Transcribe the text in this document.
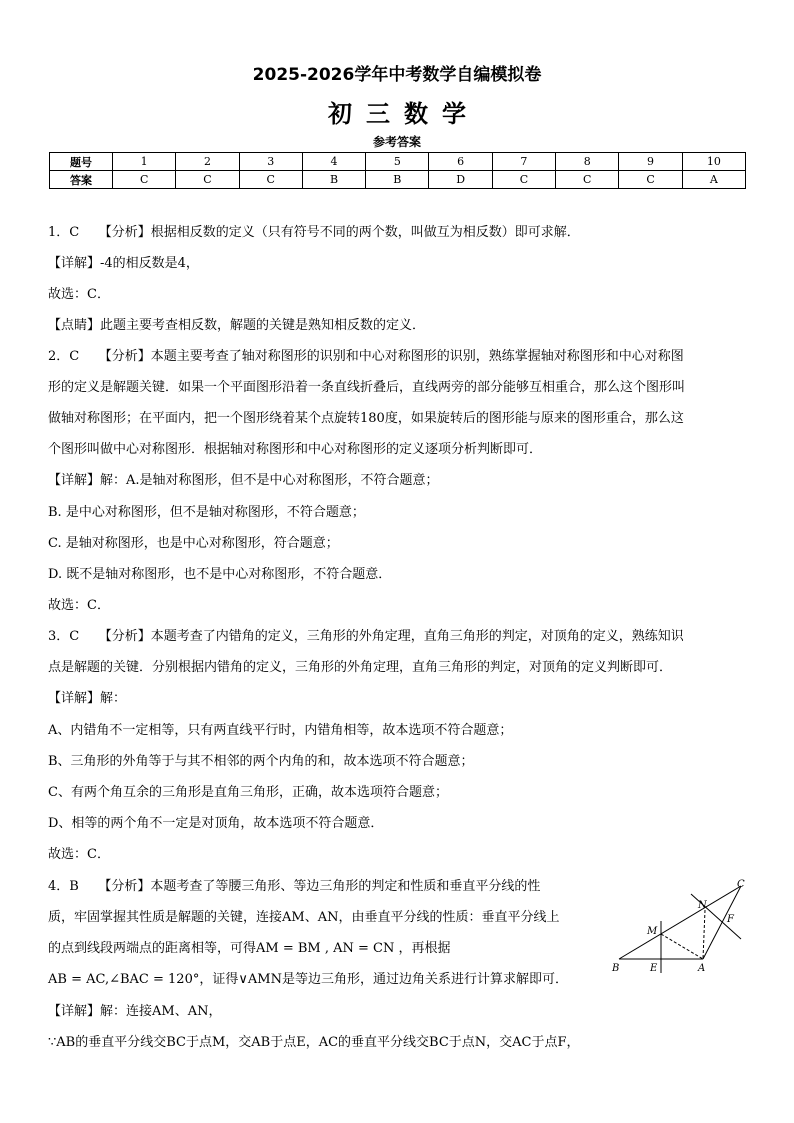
2025-2026学年中考数学自编模拟卷
初三数学
参考答案
题号	1	2	3	4	5	6	7	8	9	10
答案	C	C	C	B	B	D	C	C	C	A
1．C　　【分析】根据相反数的定义（只有符号不同的两个数，叫做互为相反数）即可求解．
【详解】-4的相反数是4，
故选：C．
【点睛】此题主要考查相反数，解题的关键是熟知相反数的定义．
2．C　　【分析】本题主要考查了轴对称图形的识别和中心对称图形的识别，熟练掌握轴对称图形和中心对称图
形的定义是解题关键．如果一个平面图形沿着一条直线折叠后，直线两旁的部分能够互相重合，那么这个图形叫
做轴对称图形；在平面内，把一个图形绕着某个点旋转180度，如果旋转后的图形能与原来的图形重合，那么这
个图形叫做中心对称图形．根据轴对称图形和中心对称图形的定义逐项分析判断即可．
【详解】解：A.是轴对称图形，但不是中心对称图形，不符合题意；
B. 是中心对称图形，但不是轴对称图形，不符合题意；
C. 是轴对称图形，也是中心对称图形，符合题意；
D. 既不是轴对称图形，也不是中心对称图形，不符合题意．
故选：C．
3．C　　【分析】本题考查了内错角的定义，三角形的外角定理，直角三角形的判定，对顶角的定义，熟练知识
点是解题的关键．分别根据内错角的定义，三角形的外角定理，直角三角形的判定，对顶角的定义判断即可．
【详解】解：
A、内错角不一定相等，只有两直线平行时，内错角相等，故本选项不符合题意；
B、三角形的外角等于与其不相邻的两个内角的和，故本选项不符合题意；
C、有两个角互余的三角形是直角三角形，正确，故本选项符合题意；
D、相等的两个角不一定是对顶角，故本选项不符合题意．
故选：C．
4．B　　【分析】本题考查了等腰三角形、等边三角形的判定和性质和垂直平分线的性
质，牢固掌握其性质是解题的关键，连接AM、AN，由垂直平分线的性质：垂直平分线上
的点到线段两端点的距离相等，可得AM = BM , AN = CN ，再根据
AB = AC,∠BAC = 120°，证得∨AMN是等边三角形，通过边角关系进行计算求解即可．
【详解】解：连接AM、AN，
∵AB的垂直平分线交BC于点M，交AB于点E，AC的垂直平分线交BC于点N，交AC于点F，
C
N
F
M
B	E	A
